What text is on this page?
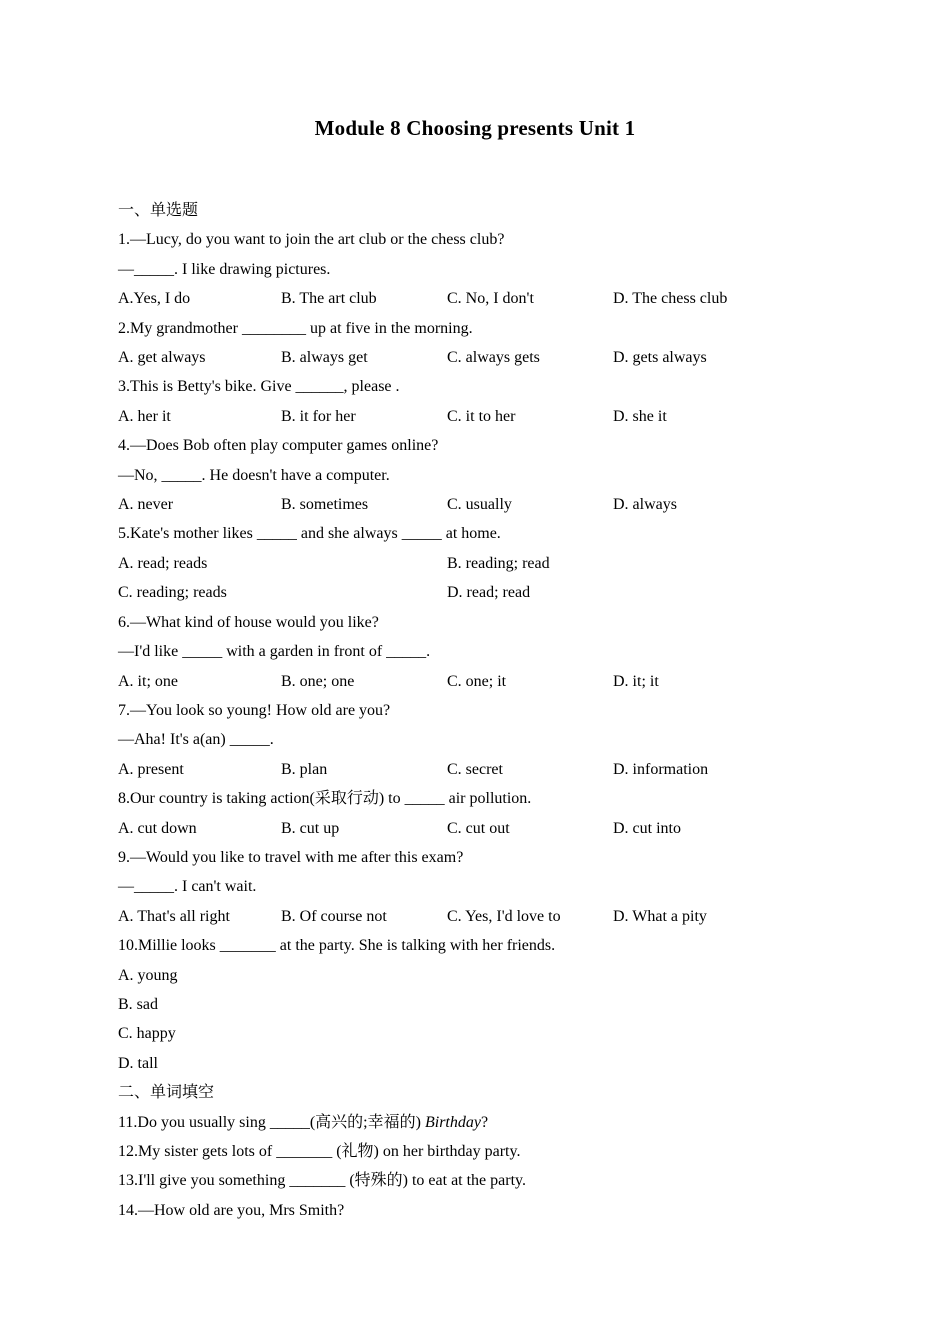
Module 8 Choosing presents Unit 1
一、单选题
1.—Lucy, do you want to join the art club or the chess club?
—_____. I like drawing pictures.
A.Yes, I do	B. The art club	C. No, I don't	D. The chess club
2.My grandmother ________ up at five in the morning.
A. get always	B. always get	C. always gets	D. gets always
3.This is Betty's bike. Give ______, please .
A. her it	B. it for her	C. it to her	D. she it
4.—Does Bob often play computer games online?
—No, _____. He doesn't have a computer.
A. never	B. sometimes	C. usually	D. always
5.Kate's mother likes _____ and she always _____ at home.
A. read; reads	B. reading; read
C. reading; reads	D. read; read
6.—What kind of house would you like?
—I'd like _____ with a garden in front of _____.
A. it; one	B. one; one	C. one; it	D. it; it
7.—You look so young! How old are you?
—Aha! It's a(an) _____.
A. present	B. plan	C. secret	D. information
8.Our country is taking action(采取行动) to _____ air pollution.
A. cut down	B. cut up	C. cut out	D. cut into
9.—Would you like to travel with me after this exam?
—_____. I can't wait.
A. That's all right	B. Of course not	C. Yes, I'd love to	D. What a pity
10.Millie looks _______ at the party. She is talking with her friends.
A. young
B. sad
C. happy
D. tall
二、单词填空
11.Do you usually sing _____(高兴的;幸福的) Birthday?
12.My sister gets lots of _______ (礼物) on her birthday party.
13.I'll give you something _______ (特殊的) to eat at the party.
14.—How old are you, Mrs Smith?
